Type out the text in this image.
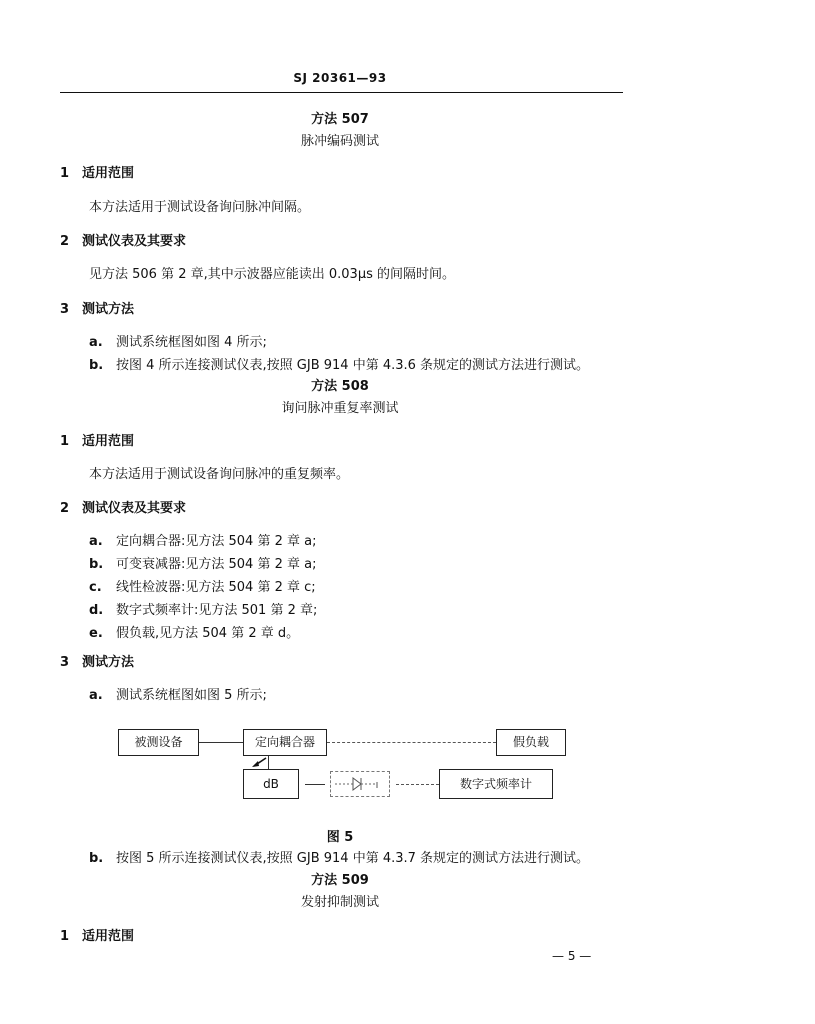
SJ 20361—93
方法 507
脉冲编码测试
1 适用范围
本方法适用于测试设备询问脉冲间隔。
2 测试仪表及其要求
见方法 506 第 2 章,其中示波器应能读出 0.03μs 的间隔时间。
3 测试方法
a. 测试系统框图如图 4 所示;
b. 按图 4 所示连接测试仪表,按照 GJB 914 中第 4.3.6 条规定的测试方法进行测试。
方法 508
询问脉冲重复率测试
1 适用范围
本方法适用于测试设备询问脉冲的重复频率。
2 测试仪表及其要求
a. 定向耦合器:见方法 504 第 2 章 a;
b. 可变衰减器:见方法 504 第 2 章 a;
c. 线性检波器:见方法 504 第 2 章 c;
d. 数字式频率计:见方法 501 第 2 章;
e. 假负载,见方法 504 第 2 章 d。
3 测试方法
a. 测试系统框图如图 5 所示;
被测设备	定向耦合器	假负载
dB	数字式频率计
图 5
b. 按图 5 所示连接测试仪表,按照 GJB 914 中第 4.3.7 条规定的测试方法进行测试。
方法 509
发射抑制测试
1 适用范围
— 5 —
